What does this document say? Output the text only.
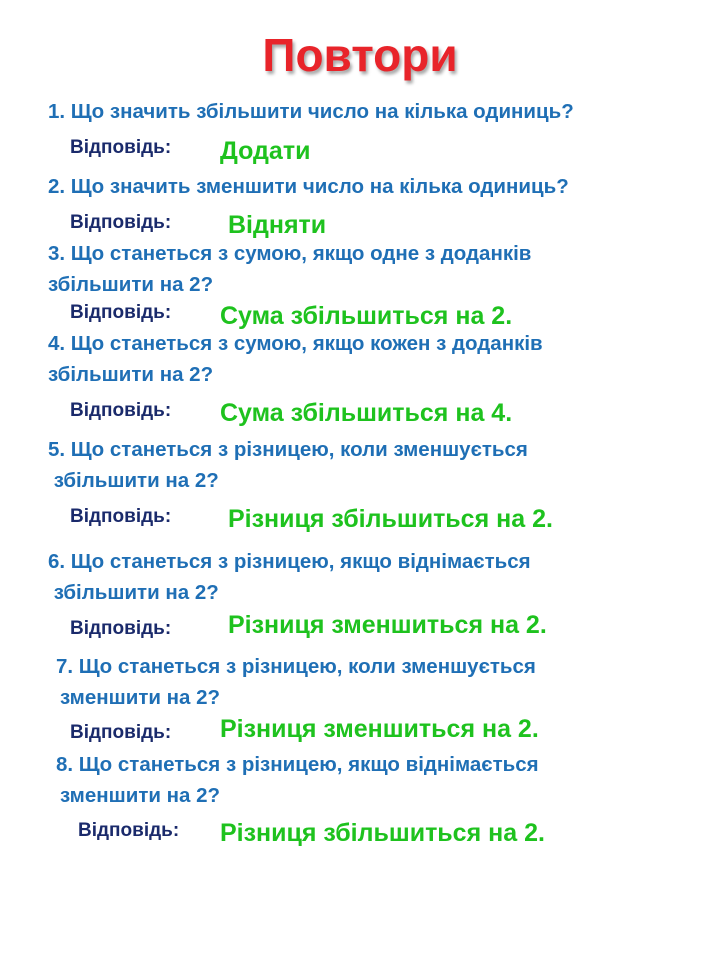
Повтори
1. Що значить збільшити число на кілька одиниць?
Відповідь: Додати
2. Що значить зменшити число на кілька одиниць?
Відповідь: Відняти
3. Що станеться з сумою, якщо одне з доданків
збільшити на 2?
Відповідь: Сума збільшиться на 2.
4. Що станеться з сумою, якщо кожен з доданків
збільшити на 2?
Відповідь: Сума збільшиться на 4.
5. Що станеться з різницею, коли зменшується
збільшити на 2?
Відповідь: Різниця збільшиться на 2.
6. Що станеться з різницею, якщо віднімається
збільшити на 2?
Відповідь: Різниця зменшиться на 2.
7. Що станеться з різницею, коли зменшується
зменшити на 2?
Відповідь: Різниця зменшиться на 2.
8. Що станеться з різницею, якщо віднімається
зменшити на 2?
Відповідь: Різниця збільшиться на 2.
